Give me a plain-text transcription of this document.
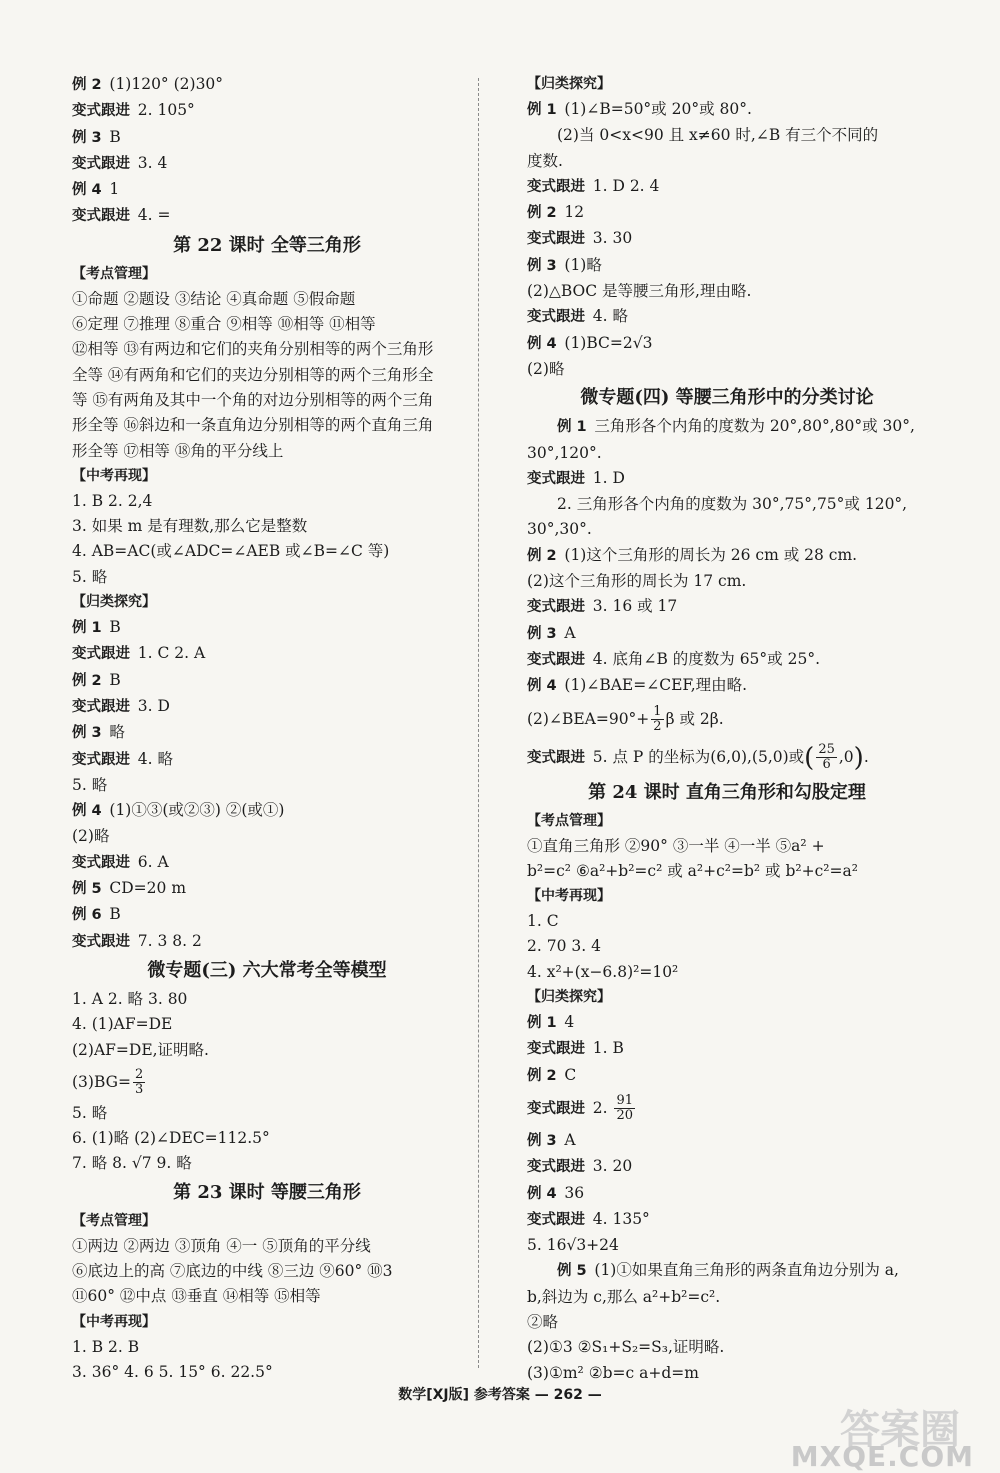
例 2  (1)120° (2)30°
变式跟进  2. 105°
例 3  B
变式跟进  3. 4
例 4  1
变式跟进  4. =
第 22 课时 全等三角形
【考点管理】
①命题 ②题设 ③结论 ④真命题 ⑤假命题
⑥定理 ⑦推理 ⑧重合 ⑨相等 ⑩相等 ⑪相等
⑫相等 ⑬有两边和它们的夹角分别相等的两个三角形
全等 ⑭有两角和它们的夹边分别相等的两个三角形全
等 ⑮有两角及其中一个角的对边分别相等的两个三角
形全等 ⑯斜边和一条直角边分别相等的两个直角三角
形全等 ⑰相等 ⑱角的平分线上
【中考再现】
1. B 2. 2,4
3. 如果 m 是有理数,那么它是整数
4. AB=AC(或∠ADC=∠AEB 或∠B=∠C 等)
5. 略
【归类探究】
例 1  B
变式跟进  1. C 2. A
例 2  B
变式跟进  3. D
例 3  略
变式跟进  4. 略
5. 略
例 4  (1)①③(或②③) ②(或①)
(2)略
变式跟进  6. A
例 5  CD=20 m
例 6  B
变式跟进  7. 3 8. 2
微专题(三) 六大常考全等模型
1. A 2. 略 3. 80
4. (1)AF=DE
(2)AF=DE,证明略.
$(3)BG= \frac{2}{3}$
5. 略
6. (1)略 (2)∠DEC=112.5°
7. 略 8. √7 9. 略
第 23 课时 等腰三角形
【考点管理】
①两边 ②两边 ③顶角 ④一 ⑤顶角的平分线
⑥底边上的高 ⑦底边的中线 ⑧三边 ⑨60° ⑩3
⑪60° ⑫中点 ⑬垂直 ⑭相等 ⑮相等
【中考再现】
1. B 2. B
3. 36° 4. 6 5. 15° 6. 22.5°
【归类探究】
例 1  (1)∠B=50°或 20°或 80°.
(2)当 0<x<90 且 x≠60 时,∠B 有三个不同的
度数.
变式跟进  1. D 2. 4
例 2  12
变式跟进  3. 30
例 3  (1)略
(2)△BOC 是等腰三角形,理由略.
变式跟进  4. 略
例 4  (1)BC=2√3
(2)略
微专题(四) 等腰三角形中的分类讨论
例 1  三角形各个内角的度数为 20°,80°,80°或 30°,
30°,120°.
变式跟进  1. D
2. 三角形各个内角的度数为 30°,75°,75°或 120°,
30°,30°.
例 2  (1)这个三角形的周长为 26 cm 或 28 cm.
(2)这个三角形的周长为 17 cm.
变式跟进  3. 16 或 17
例 3  A
变式跟进  4. 底角∠B 的度数为 65°或 25°.
例 4  (1)∠BAE=∠CEF,理由略.
(2)∠BEA=90°+ $\frac{1}{2}$ β 或 2β.
变式跟进  5. 点 P 的坐标为(6,0),(5,0)或( $\frac{25}{6} ,0$).
第 24 课时 直角三角形和勾股定理
【考点管理】
①直角三角形 ②90° ③一半 ④一半 ⑤a² +
b²=c² ⑥a²+b²=c² 或 a²+c²=b² 或 b²+c²=a²
【中考再现】
1. C
2. 70 3. 4
4. x²+(x−6.8)²=10²
【归类探究】
例 1  4
变式跟进  1. B
例 2  C
变式跟进  2. $\frac{91}{20}$
例 3  A
变式跟进  3. 20
例 4  36
变式跟进  4. 135°
5. 16√3+24
例 5  (1)①如果直角三角形的两条直角边分别为 a,
b,斜边为 c,那么 a²+b²=c².
②略
(2)①3 ②S₁+S₂=S₃,证明略.
(3)①m² ②b=c a+d=m
数学[XJ版] 参考答案 — 262 —
答案圈
MXQE.COM
